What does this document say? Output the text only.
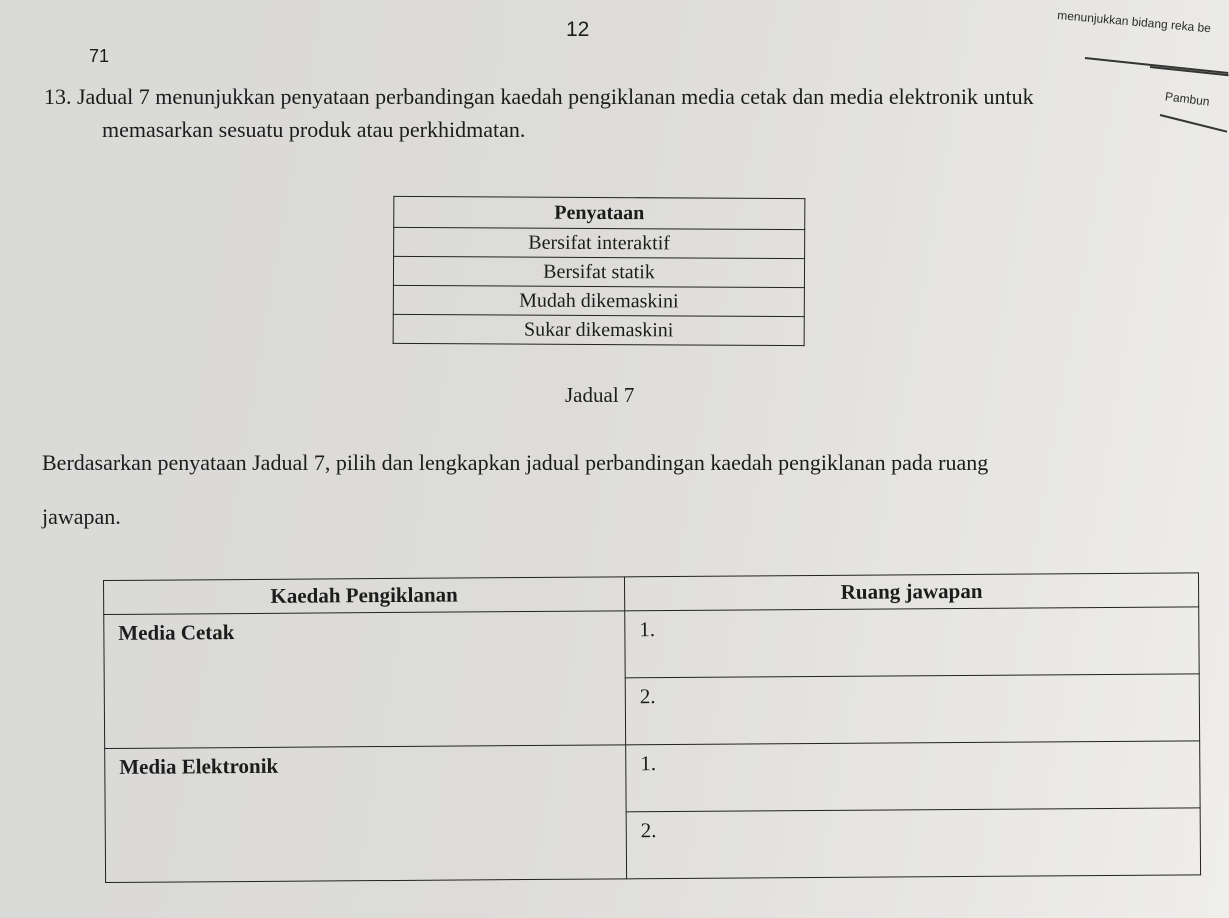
12
71
menunjukkan bidang reka be
Pambun
13. Jadual 7 menunjukkan penyataan perbandingan kaedah pengiklanan media cetak dan media elektronik untuk
memasarkan sesuatu produk atau perkhidmatan.
Penyataan
Bersifat interaktif
Bersifat statik
Mudah dikemaskini
Sukar dikemaskini
Jadual 7
Berdasarkan penyataan Jadual 7, pilih dan lengkapkan jadual perbandingan kaedah pengiklanan pada ruang
jawapan.
Kaedah Pengiklanan	Ruang jawapan
Media Cetak	1.
	2.
Media Elektronik	1.
	2.
